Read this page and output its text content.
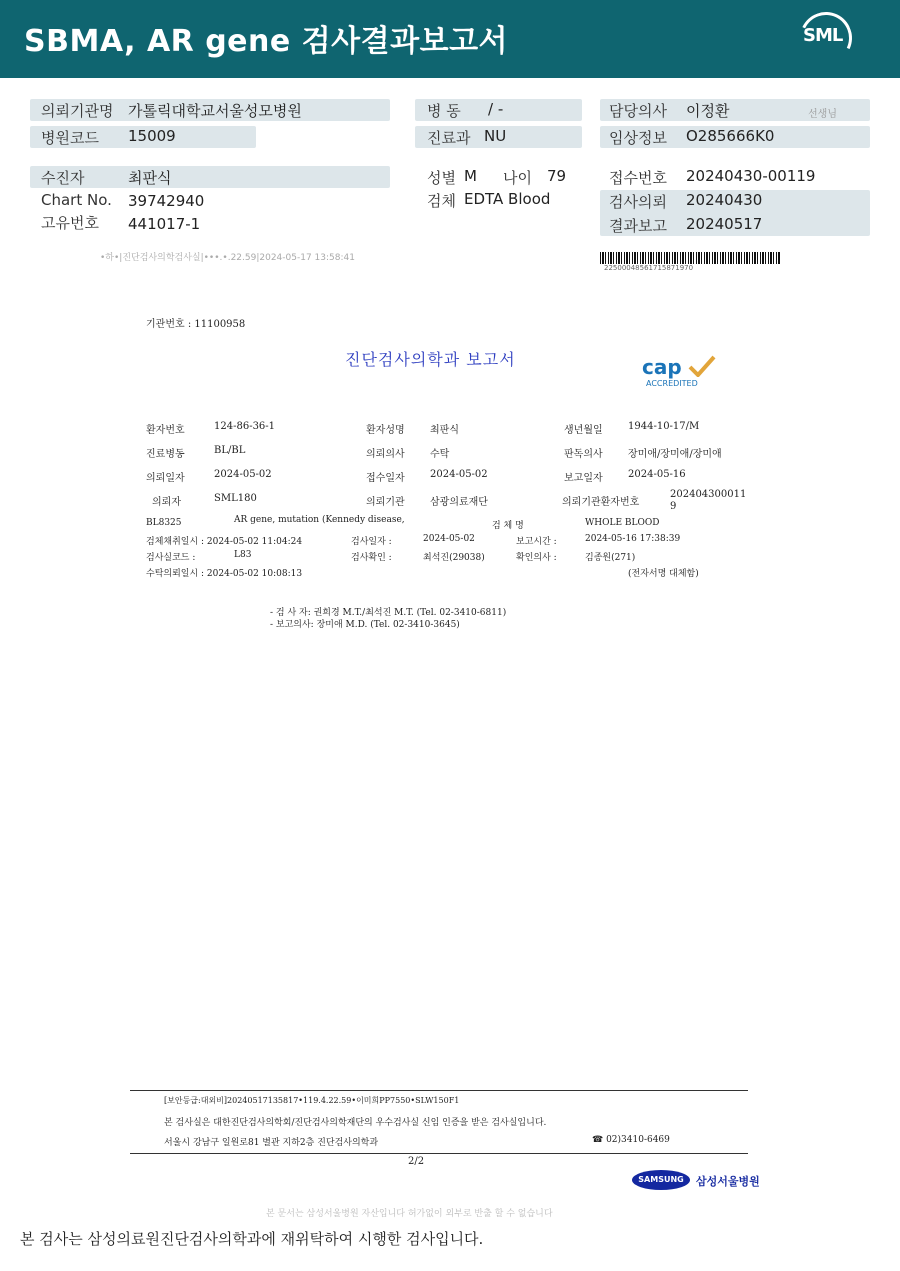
SBMA, AR gene 검사결과보고서	SML
의뢰기관명 가톨릭대학교서울성모병원
병원코드 15009
병 동 / -
진료과 NU
담당의사 이정환	선생님
임상정보 O285666K0
수진자	최판식
Chart No. 39742940
고유번호 441017-1
성별 M 나이 79
검체 EDTA Blood
접수번호 20240430-00119
검사의뢰 20240430
결과보고 20240517
•하•|진단검사의학검사실|•••.•.22.59|2024-05-17 13:58:41
22500048561715871970
기관번호 : 11100958
진단검사의학과 보고서	cap
ACCREDITED
환자번호	124-86-36-1	환자성명	최판식	생년월일	1944-10-17/M
진료병동	BL/BL	의뢰의사	수탁	판독의사	장미애/장미애/장미애
의뢰일자	2024-05-02	접수일자	2024-05-02	보고일자	2024-05-16
의뢰자	SML180	의뢰기관	삼광의료재단	의뢰기관환자번호
202404300011
9
BL8325	AR gene, mutation (Kennedy disease,
검 체 명	WHOLE BLOOD
검체채취일시 : 2024-05-02 11:04:24	검사일자 :	2024-05-02	보고시간 :	2024-05-16 17:38:39
검사실코드 :	L83	검사확인 :	최석진(29038)	확인의사 :	김종원(271)
수탁의뢰일시 : 2024-05-02 10:08:13	(전자서명 대체함)
- 검 사 자: 권희경 M.T./최석진 M.T. (Tel. 02-3410-6811)
- 보고의사: 장미애 M.D. (Tel. 02-3410-3645)
[보안등급:대외비]20240517135817•119.4.22.59•이미희PP7550•SLW150F1
본 검사실은 대한진단검사의학회/진단검사의학재단의 우수검사실 신임 인증을 받은 검사실입니다.
서울시 강남구 일원로81 별관 지하2층 진단검사의학과	☎ 02)3410-6469
2/2
SAMSUNG	삼성서울병원
본 문서는 삼성서울병원 자산입니다 허가없이 외부로 반출 할 수 없습니다
본 검사는 삼성의료원진단검사의학과에 재위탁하여 시행한 검사입니다.
